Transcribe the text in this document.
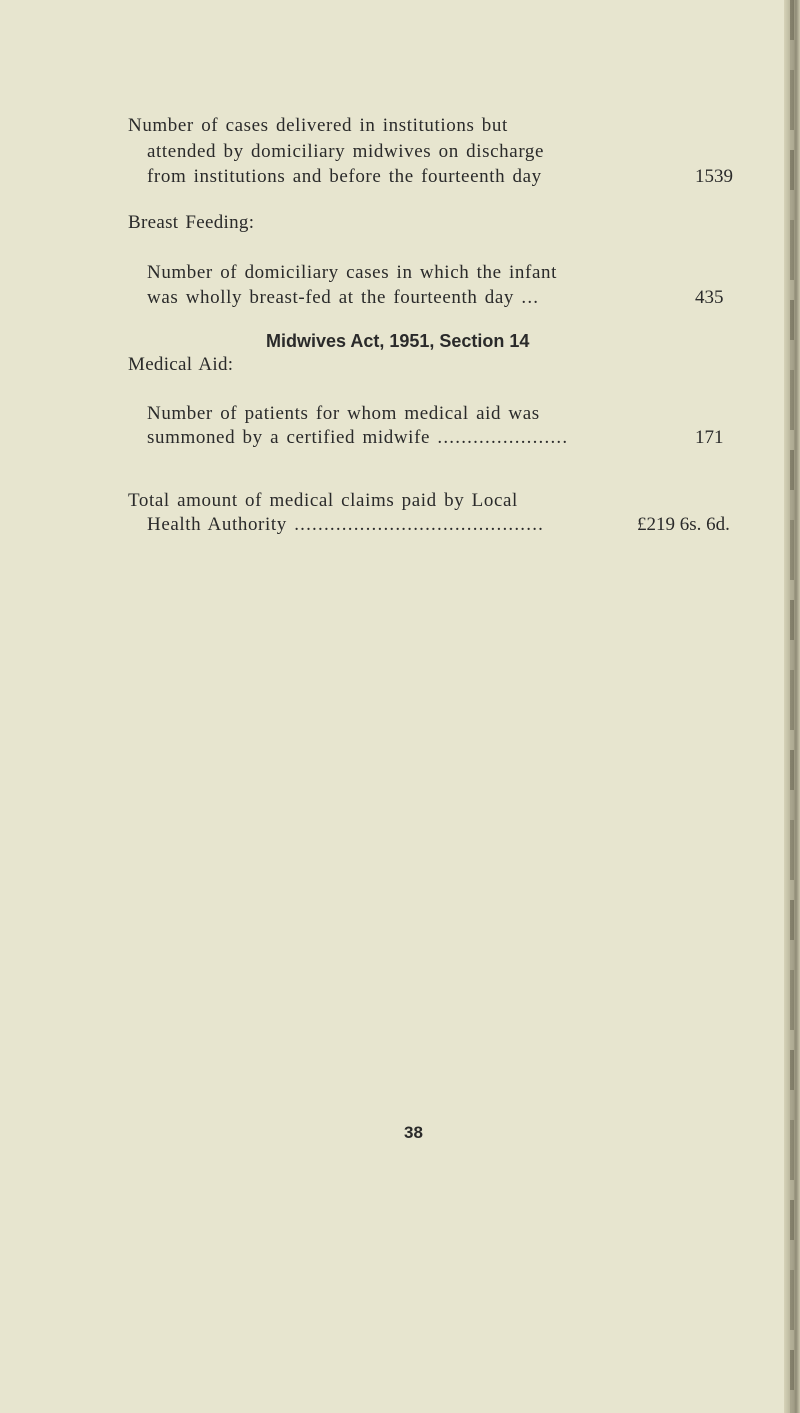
Number of cases delivered in institutions but
attended by domiciliary midwives on discharge
from institutions and before the fourteenth day	1539
Breast Feeding:
Number of domiciliary cases in which the infant
was wholly breast-fed at the fourteenth day ...	435
Midwives Act, 1951, Section 14
Medical Aid:
Number of patients for whom medical aid was
summoned by a certified midwife ......................	171
Total amount of medical claims paid by Local
Health Authority ..........................................	£219 6s. 6d.
38
